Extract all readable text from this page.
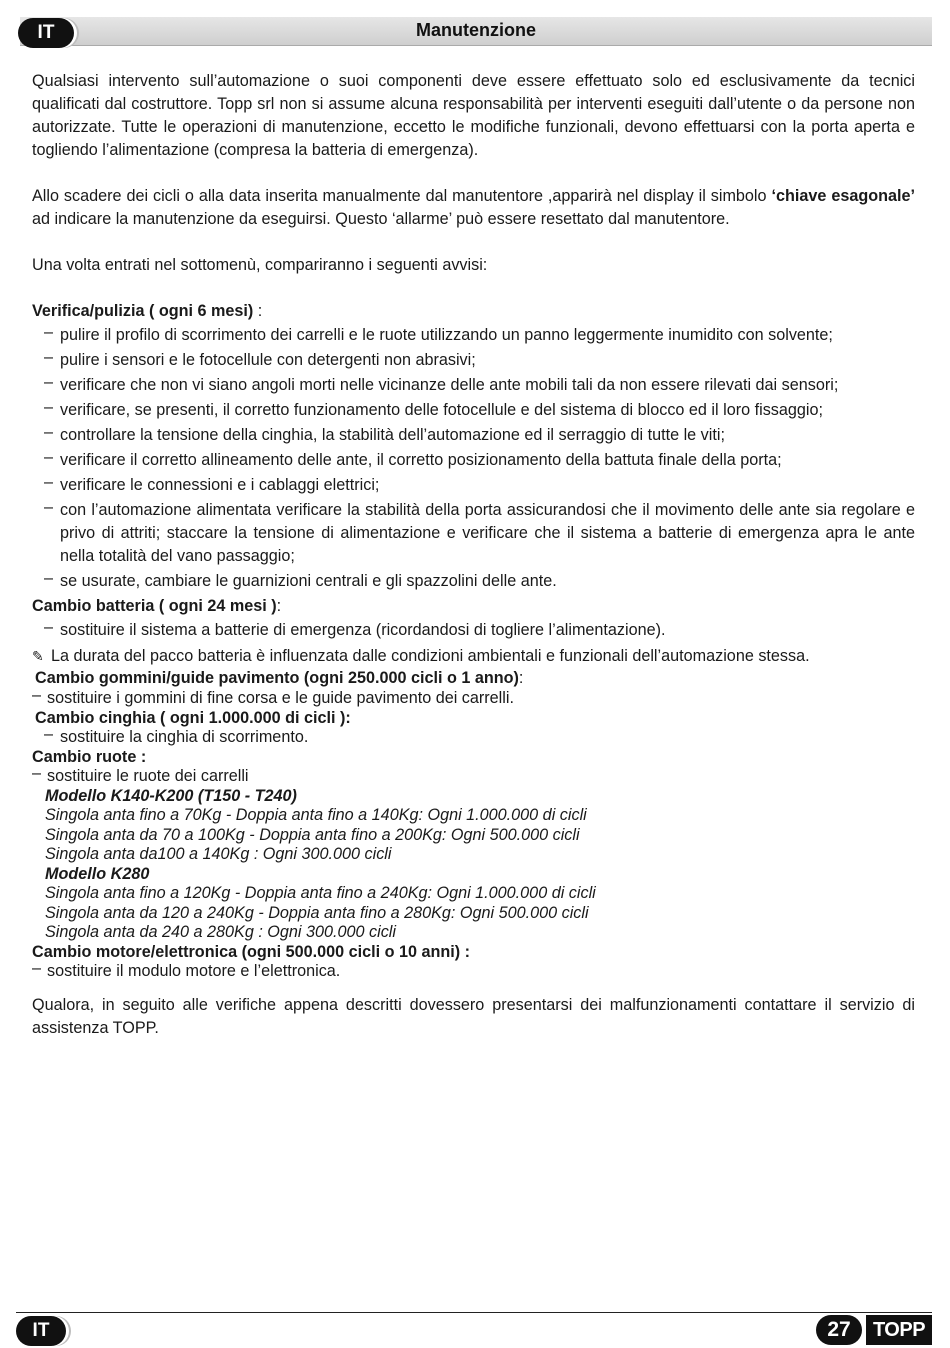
Manutenzione
IT

Qualsiasi intervento sull’automazione o suoi componenti deve essere effettuato solo ed esclusivamente da tecnici qualificati dal costruttore. Topp srl non si assume alcuna responsabilità per interventi eseguiti dall’utente o da persone non autorizzate. Tutte le operazioni di manutenzione, eccetto le modifiche funzionali, devono effettuarsi con la porta aperta e togliendo l’alimentazione (compresa la batteria di emergenza).

Allo scadere dei cicli o alla data inserita manualmente dal manutentore ,apparirà nel display il simbolo ‘chiave esagonale’ ad indicare la manutenzione da eseguirsi. Questo ‘allarme’ può essere resettato dal manutentore.

Una volta entrati nel sottomenù, compariranno i seguenti avvisi:

Verifica/pulizia ( ogni 6 mesi) :
– pulire il profilo di scorrimento dei carrelli e le ruote utilizzando un panno leggermente inumidito con solvente;
– pulire i sensori e le fotocellule con detergenti non abrasivi;
– verificare che non vi siano angoli morti nelle vicinanze delle ante mobili tali da non essere rilevati dai sensori;
– verificare, se presenti, il corretto funzionamento delle fotocellule e del sistema di blocco ed il loro fissaggio;
– controllare la tensione della cinghia, la stabilità dell’automazione ed il serraggio di tutte le viti;
– verificare il corretto allineamento delle ante, il corretto posizionamento della battuta finale della porta;
– verificare le connessioni e i cablaggi elettrici;
– con l’automazione alimentata verificare la stabilità della porta assicurandosi che il movimento delle ante sia regolare e privo di attriti; staccare la tensione di alimentazione e verificare che il sistema a batterie di emergenza apra le ante nella totalità del vano passaggio;
– se usurate, cambiare le guarnizioni centrali e gli spazzolini delle ante.
Cambio batteria ( ogni 24 mesi ):
– sostituire il sistema a batterie di emergenza (ricordandosi di togliere l’alimentazione).
✎ La durata del pacco batteria è influenzata dalle condizioni ambientali e funzionali dell’automazione stessa.
Cambio gommini/guide pavimento (ogni 250.000 cicli o 1 anno):
– sostituire i gommini di fine corsa e le guide pavimento dei carrelli.
Cambio cinghia ( ogni 1.000.000 di cicli ):
– sostituire la cinghia di scorrimento.
Cambio ruote :
– sostituire le ruote dei carrelli
Modello K140-K200 (T150 - T240)
Singola anta fino a 70Kg - Doppia anta fino a 140Kg: Ogni 1.000.000 di cicli
Singola anta da 70 a 100Kg - Doppia anta fino a 200Kg: Ogni 500.000 cicli
Singola anta da100 a 140Kg : Ogni 300.000 cicli
Modello K280
Singola anta fino a 120Kg - Doppia anta fino a 240Kg: Ogni 1.000.000 di cicli
Singola anta da 120 a 240Kg - Doppia anta fino a 280Kg: Ogni 500.000 cicli
Singola anta da 240 a 280Kg : Ogni 300.000 cicli
Cambio motore/elettronica (ogni 500.000 cicli o 10 anni) :
– sostituire il modulo motore e l’elettronica.

Qualora, in seguito alle verifiche appena descritti dovessero presentarsi dei malfunzionamenti contattare il servizio di assistenza TOPP.

IT	27	TOPP
